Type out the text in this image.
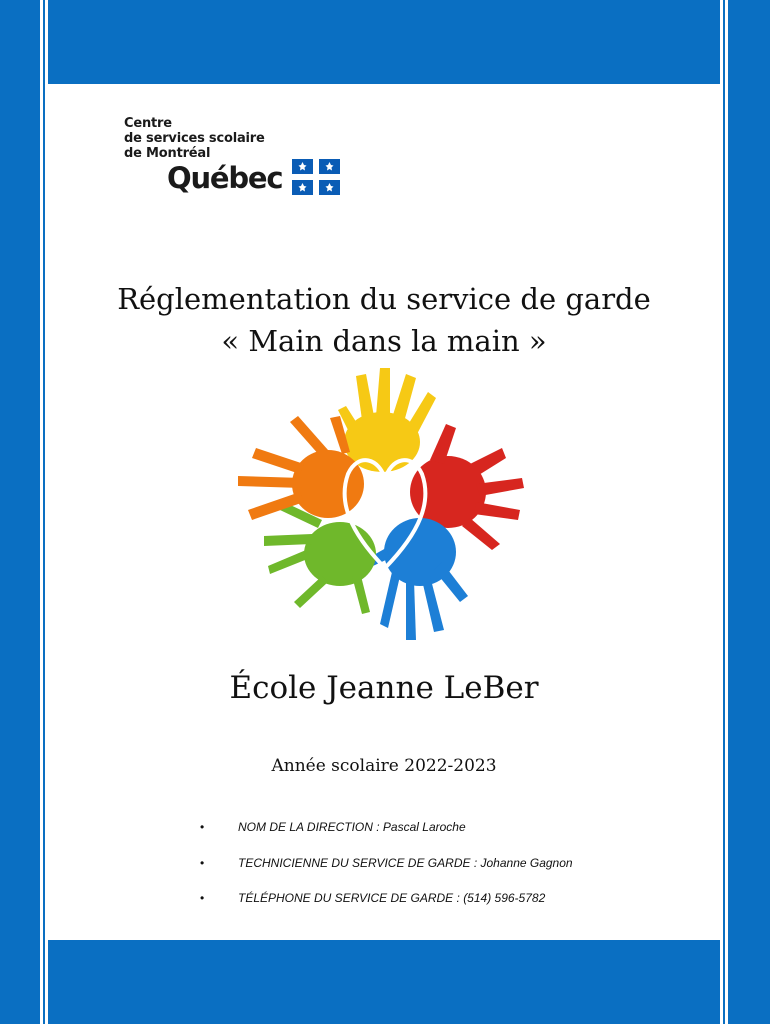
Centre
de services scolaire
de Montréal
Québec
Réglementation du service de garde
« Main dans la main »
École Jeanne LeBer
Année scolaire 2022-2023
•	NOM DE LA DIRECTION : Pascal Laroche
•	TECHNICIENNE DU SERVICE DE GARDE : Johanne Gagnon
•	TÉLÉPHONE DU SERVICE DE GARDE : (514) 596-5782
